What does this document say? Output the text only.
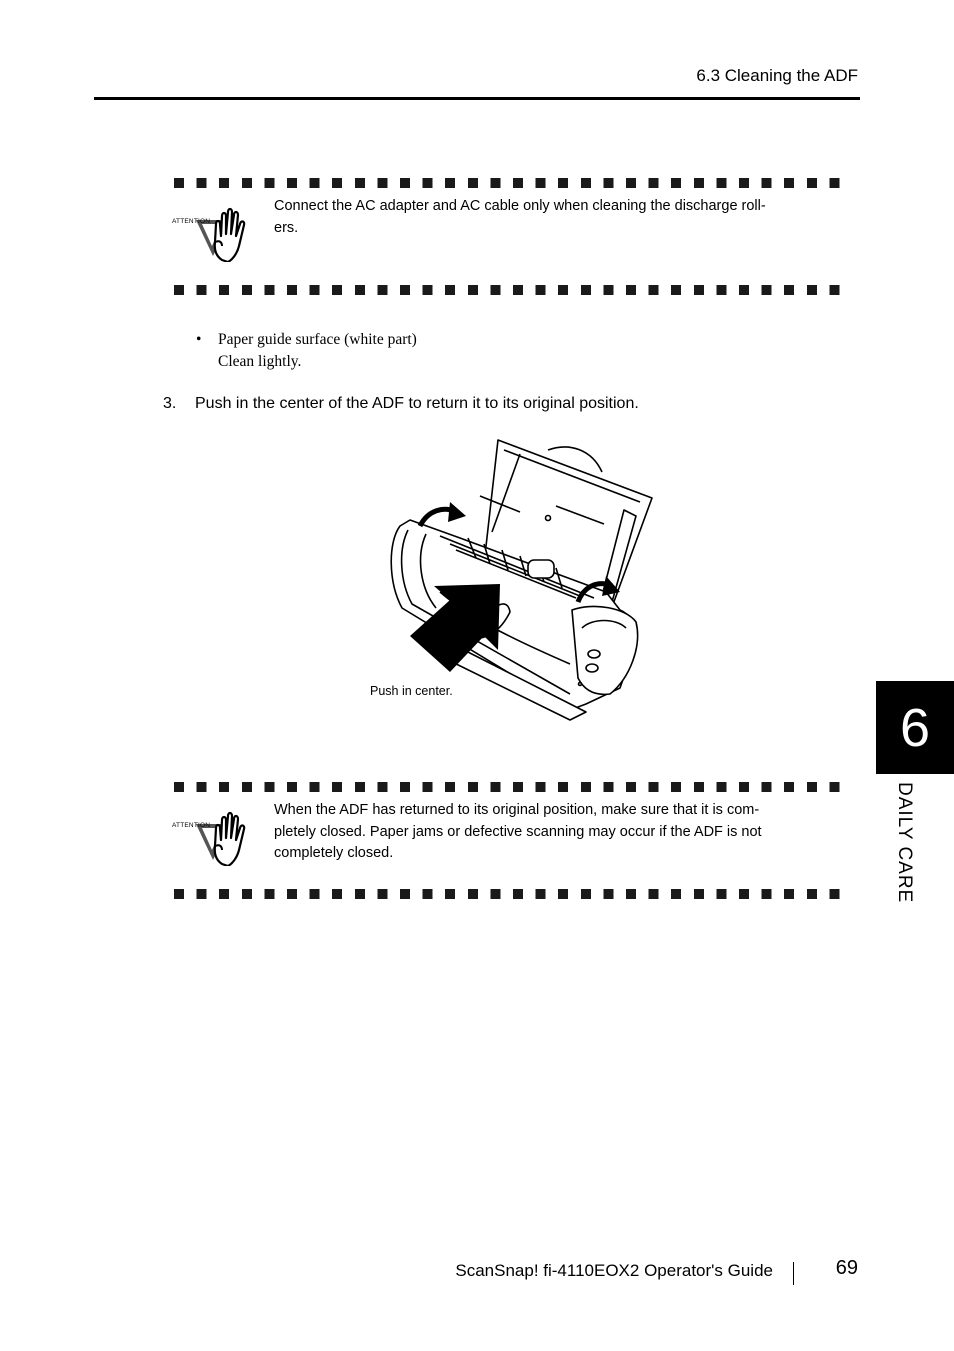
6.3 Cleaning the ADF
ATTENTION
Connect the AC adapter and AC cable only when cleaning the discharge roll-
ers.
• Paper guide surface (white part)
Clean lightly.
3. Push in the center of the ADF to return it to its original position.
Push in center.
ATTENTION
When the ADF has returned to its original position, make sure that it is com-
pletely closed. Paper jams or defective scanning may occur if the ADF is not
completely closed.
6
DAILY CARE
ScanSnap! fi-4110EOX2 Operator's Guide	69
